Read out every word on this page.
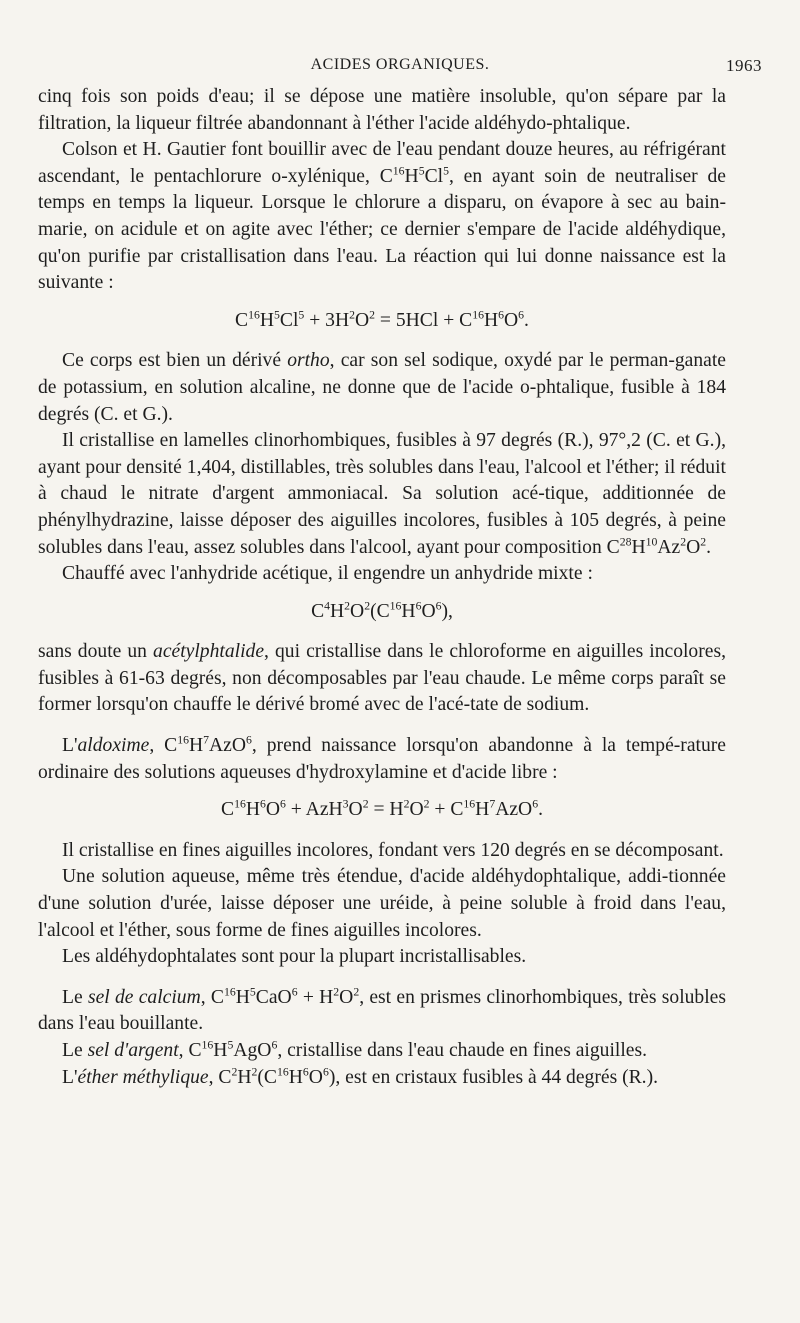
ACIDES ORGANIQUES.	1963

cinq fois son poids d'eau; il se dépose une matière insoluble, qu'on sépare par la filtration, la liqueur filtrée abandonnant à l'éther l'acide aldéhydo-phtalique.

Colson et H. Gautier font bouillir avec de l'eau pendant douze heures, au réfrigérant ascendant, le pentachlorure o-xylénique, $C^{16}H^5Cl^5$, en ayant soin de neutraliser de temps en temps la liqueur. Lorsque le chlorure a disparu, on évapore à sec au bain-marie, on acidule et on agite avec l'éther; ce dernier s'empare de l'acide aldéhydique, qu'on purifie par cristallisation dans l'eau. La réaction qui lui donne naissance est la suivante :

$C^{16}H^5Cl^5 + 3H^2O^2 = 5HCl + C^{16}H^6O^6$.

Ce corps est bien un dérivé ortho, car son sel sodique, oxydé par le perman-ganate de potassium, en solution alcaline, ne donne que de l'acide o-phtalique, fusible à 184 degrés (C. et G.).

Il cristallise en lamelles clinorhombiques, fusibles à 97 degrés (R.), 97°,2 (C. et G.), ayant pour densité 1,404, distillables, très solubles dans l'eau, l'alcool et l'éther; il réduit à chaud le nitrate d'argent ammoniacal. Sa solution acé-tique, additionnée de phénylhydrazine, laisse déposer des aiguilles incolores, fusibles à 105 degrés, à peine solubles dans l'eau, assez solubles dans l'alcool, ayant pour composition $C^{28}H^{10}Az^2O^2$.

Chauffé avec l'anhydride acétique, il engendre un anhydride mixte :

$C^4H^2O^2(C^{16}H^6O^6)$,

sans doute un acétylphtalide, qui cristallise dans le chloroforme en aiguilles incolores, fusibles à 61-63 degrés, non décomposables par l'eau chaude. Le même corps paraît se former lorsqu'on chauffe le dérivé bromé avec de l'acé-tate de sodium.

L'aldoxime, $C^{16}H^7AzO^6$, prend naissance lorsqu'on abandonne à la tempé-rature ordinaire des solutions aqueuses d'hydroxylamine et d'acide libre :

$C^{16}H^6O^6 + AzH^3O^2 = H^2O^2 + C^{16}H^7AzO^6$.

Il cristallise en fines aiguilles incolores, fondant vers 120 degrés en se décomposant.

Une solution aqueuse, même très étendue, d'acide aldéhydophtalique, addi-tionnée d'une solution d'urée, laisse déposer une uréide, à peine soluble à froid dans l'eau, l'alcool et l'éther, sous forme de fines aiguilles incolores.

Les aldéhydophtalates sont pour la plupart incristallisables.

Le sel de calcium, $C^{16}H^5CaO^6 + H^2O^2$, est en prismes clinorhombiques, très solubles dans l'eau bouillante.

Le sel d'argent, $C^{16}H^5AgO^6$, cristallise dans l'eau chaude en fines aiguilles.

L'éther méthylique, $C^2H^2(C^{16}H^6O^6)$, est en cristaux fusibles à 44 degrés (R.).
